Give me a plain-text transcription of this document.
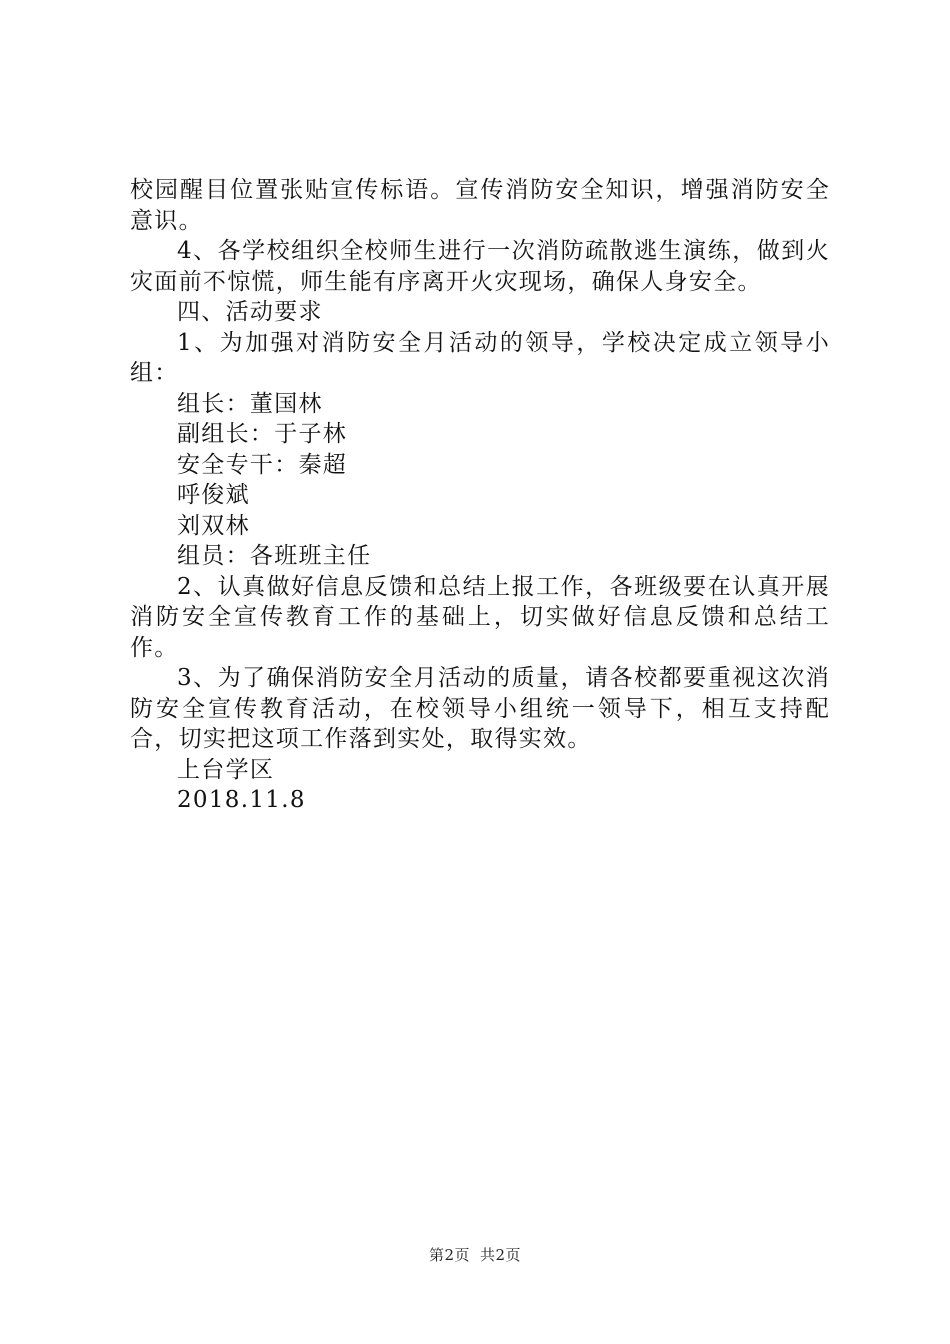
校园醒目位置张贴宣传标语。宣传消防安全知识，增强消防安全意识。

4、各学校组织全校师生进行一次消防疏散逃生演练，做到火灾面前不惊慌，师生能有序离开火灾现场，确保人身安全。

四、活动要求

1、为加强对消防安全月活动的领导，学校决定成立领导小组：

组长：董国林

副组长：于子林

安全专干：秦超

呼俊斌

刘双林

组员：各班班主任

2、认真做好信息反馈和总结上报工作，各班级要在认真开展消防安全宣传教育工作的基础上，切实做好信息反馈和总结工作。

3、为了确保消防安全月活动的质量，请各校都要重视这次消防安全宣传教育活动，在校领导小组统一领导下，相互支持配合，切实把这项工作落到实处，取得实效。

上台学区

2018.11.8

第2页 共2页
